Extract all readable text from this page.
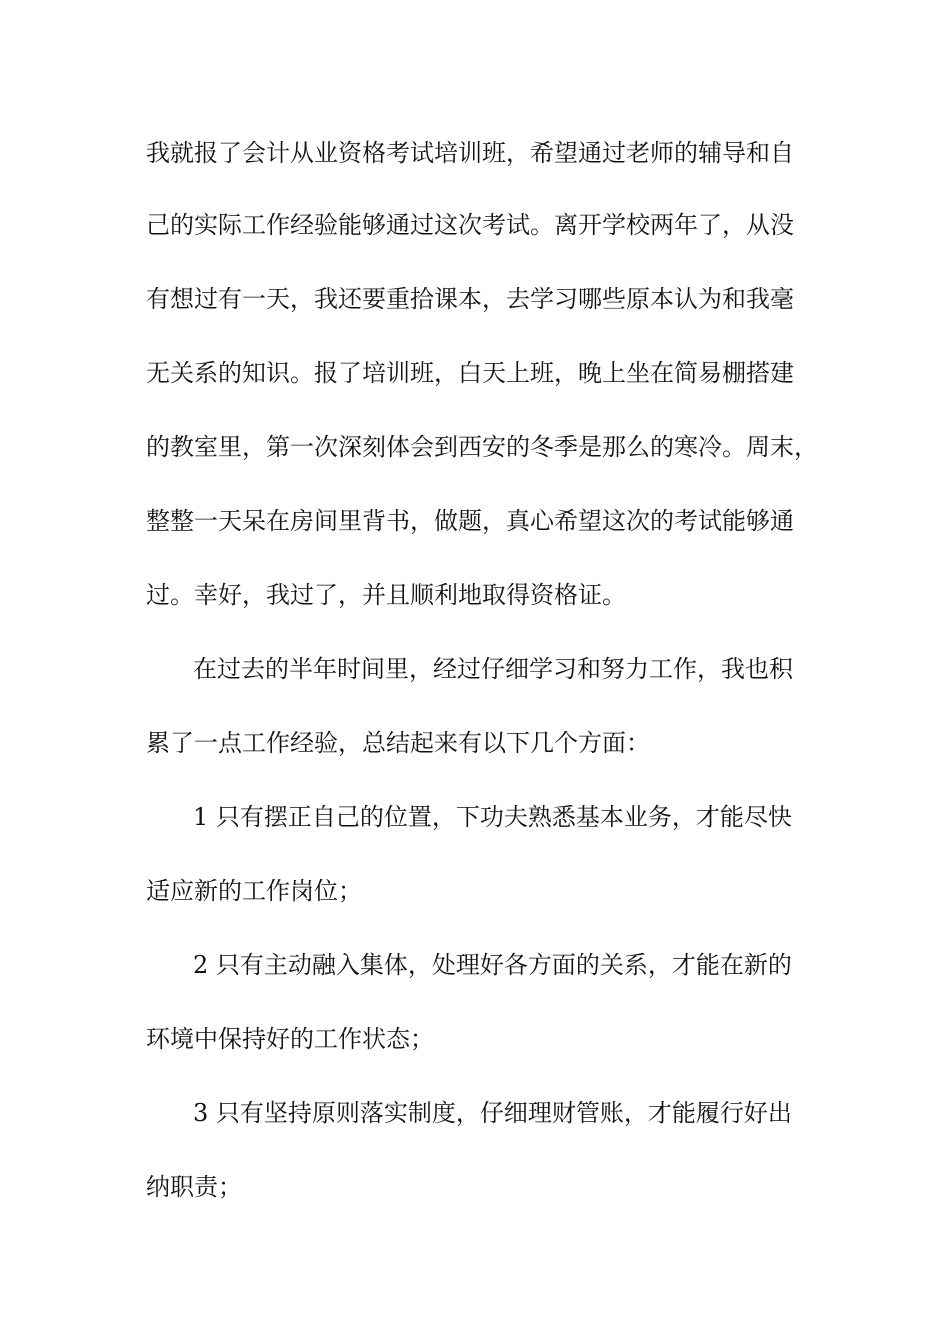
我就报了会计从业资格考试培训班，希望通过老师的辅导和自
己的实际工作经验能够通过这次考试。离开学校两年了，从没
有想过有一天，我还要重拾课本，去学习哪些原本认为和我毫
无关系的知识。报了培训班，白天上班，晚上坐在简易棚搭建
的教室里，第一次深刻体会到西安的冬季是那么的寒冷。周末，
整整一天呆在房间里背书，做题，真心希望这次的考试能够通
过。幸好，我过了，并且顺利地取得资格证。
在过去的半年时间里，经过仔细学习和努力工作，我也积
累了一点工作经验，总结起来有以下几个方面：
1 只有摆正自己的位置，下功夫熟悉基本业务，才能尽快
适应新的工作岗位；
2 只有主动融入集体，处理好各方面的关系，才能在新的
环境中保持好的工作状态；
3 只有坚持原则落实制度，仔细理财管账，才能履行好出
纳职责；
